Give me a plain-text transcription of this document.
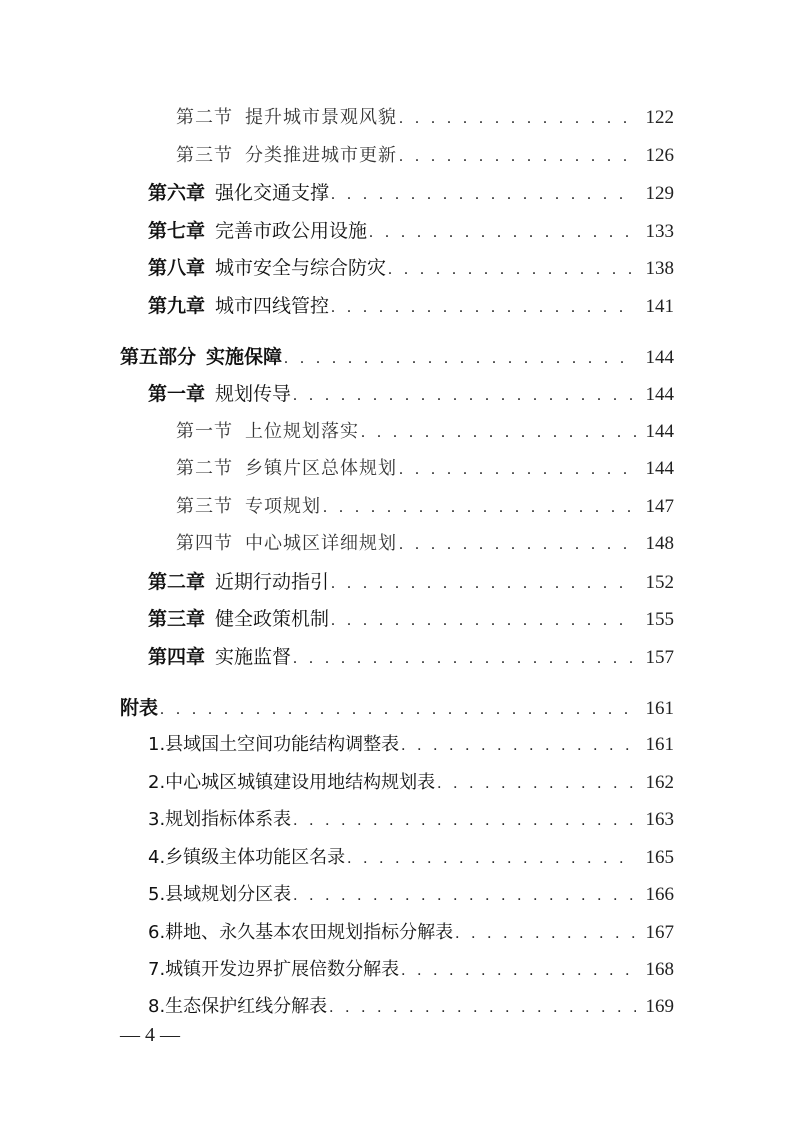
第二节 提升城市景观风貌 . . .	122
第三节 分类推进城市更新 . . .	126
第六章 强化交通支撑 . . .	129
第七章 完善市政公用设施 . . .	133
第八章 城市安全与综合防灾 . . .	138
第九章 城市四线管控 . . .	141
第五部分 实施保障 . . .	144
第一章 规划传导 . . .	144
第一节 上位规划落实 . . .	144
第二节 乡镇片区总体规划 . . .	144
第三节 专项规划 . . .	147
第四节 中心城区详细规划 . . .	148
第二章 近期行动指引 . . .	152
第三章 健全政策机制 . . .	155
第四章 实施监督 . . .	157
附表 . . .	161
1.县域国土空间功能结构调整表 . . .	161
2.中心城区城镇建设用地结构规划表 . . .	162
3.规划指标体系表 . . .	163
4.乡镇级主体功能区名录 . . .	165
5.县域规划分区表 . . .	166
6.耕地、永久基本农田规划指标分解表 . . .	167
7.城镇开发边界扩展倍数分解表 . . .	168
8.生态保护红线分解表 . . .	169
— 4 —
